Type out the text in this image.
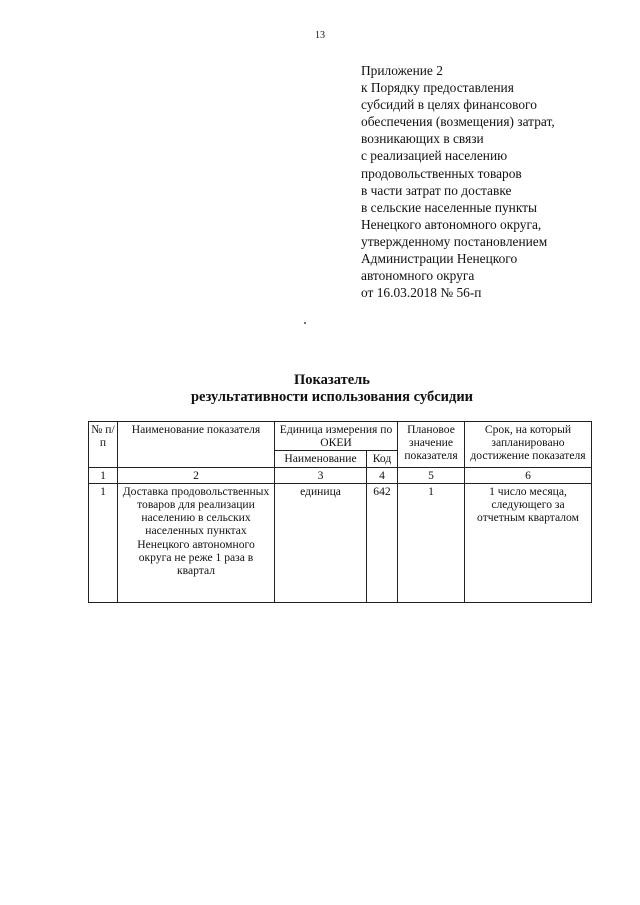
13
Приложение 2
к Порядку предоставления
субсидий в целях финансового
обеспечения (возмещения) затрат,
возникающих в связи
с реализацией населению
продовольственных товаров
в части затрат по доставке
в сельские населенные пункты
Ненецкого автономного округа,
утвержденному постановлением
Администрации Ненецкого
автономного округа
от 16.03.2018 № 56-п
Показатель
результативности использования субсидии
№ п/п	Наименование показателя	Единица измерения по ОКЕИ		Плановое значение показателя	Срок, на который запланировано достижение показателя
		Наименование	Код		
1	2	3	4	5	6
1	Доставка продовольственных товаров для реализации населению в сельских населенных пунктах Ненецкого автономного округа не реже 1 раза в квартал	единица	642	1	1 число месяца, следующего за отчетным кварталом
